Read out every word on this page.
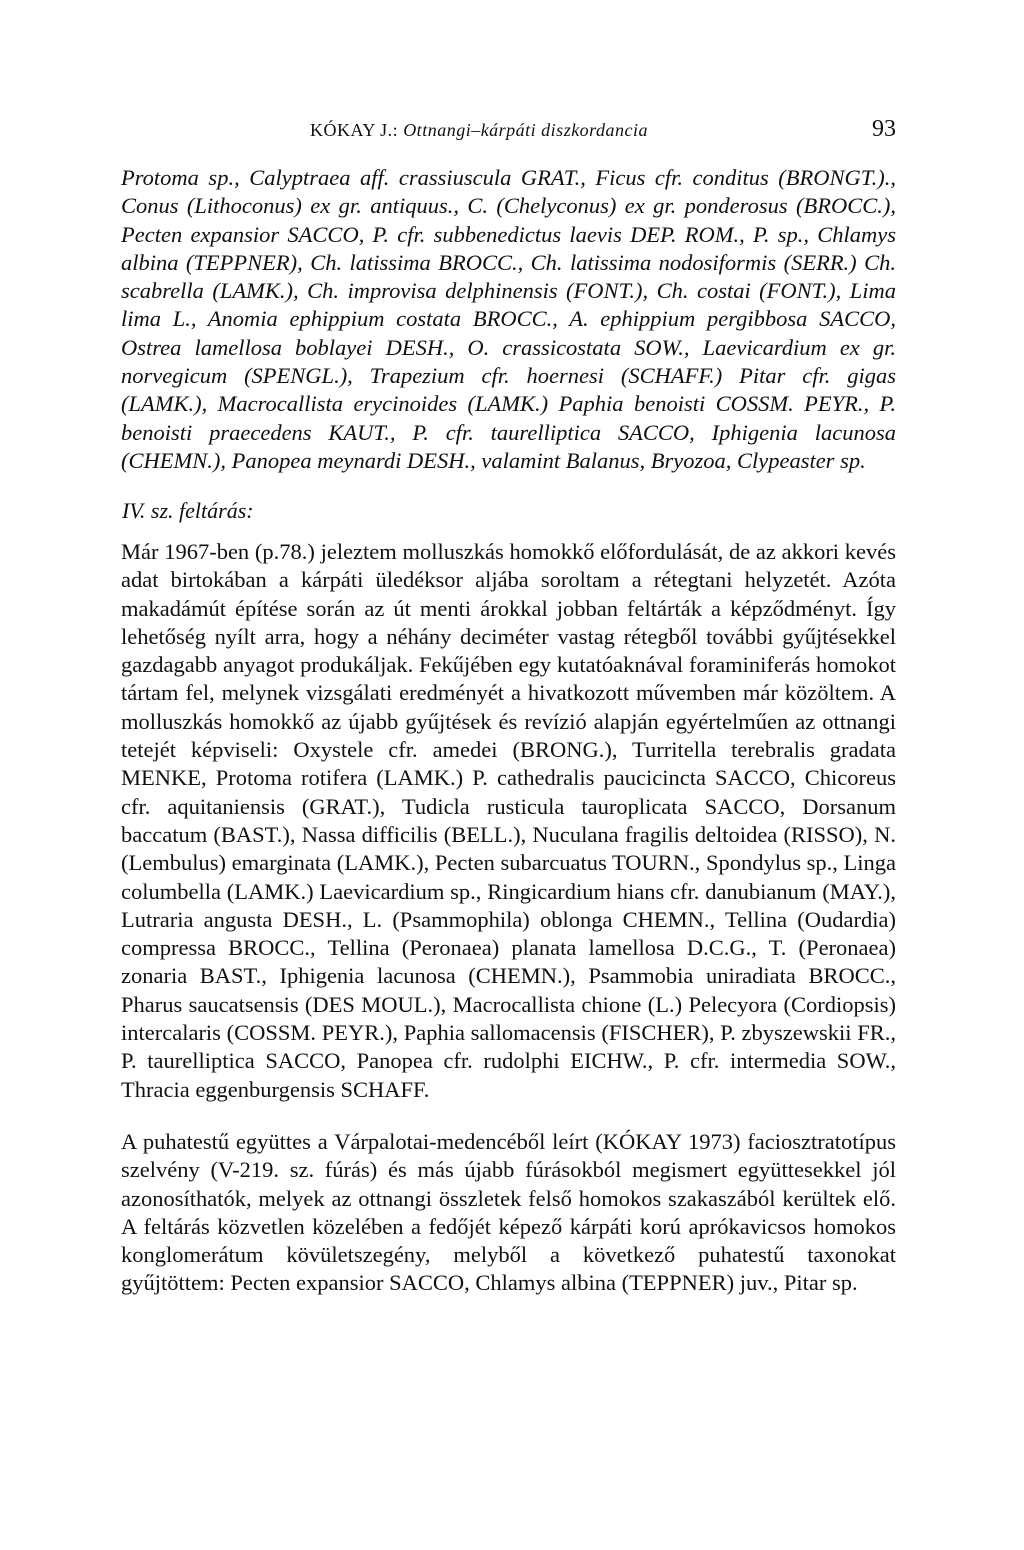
KÓKAY J.: Ottnangi–kárpáti diszkordancia	93

Protoma sp., Calyptraea aff. crassiuscula GRAT., Ficus cfr. conditus (BRONGT.)., Conus (Lithoconus) ex gr. antiquus., C. (Chelyconus) ex gr. ponderosus (BROCC.), Pecten expansior SACCO, P. cfr. subbenedictus laevis DEP. ROM., P. sp., Chlamys albina (TEPPNER), Ch. latissima BROCC., Ch. latissima nodosiformis (SERR.) Ch. scabrella (LAMK.), Ch. improvisa delphinensis (FONT.), Ch. costai (FONT.), Lima lima L., Anomia ephippium costata BROCC., A. ephippium pergibbosa SACCO, Ostrea lamellosa boblayei DESH., O. crassicostata SOW., Laevicardium ex gr. norvegicum (SPENGL.), Trapezium cfr. hoernesi (SCHAFF.) Pitar cfr. gigas (LAMK.), Macrocallista erycinoides (LAMK.) Paphia benoisti COSSM. PEYR., P. benoisti praecedens KAUT., P. cfr. taurelliptica SACCO, Iphigenia lacunosa (CHEMN.), Panopea meynardi DESH., valamint Balanus, Bryozoa, Clypeaster sp.

IV. sz. feltárás:

Már 1967-ben (p.78.) jeleztem molluszkás homokkő előfordulását, de az akkori kevés adat birtokában a kárpáti üledéksor aljába soroltam a rétegtani helyzetét. Azóta makadámút építése során az út menti árokkal jobban feltárták a képződményt. Így lehetőség nyílt arra, hogy a néhány deciméter vastag rétegből további gyűjtésekkel gazdagabb anyagot produkáljak. Fekűjében egy kutatóaknával foraminiferás homokot tártam fel, melynek vizsgálati eredményét a hivatkozott művemben már közöltem. A molluszkás homokkő az újabb gyűjtések és revízió alapján egyértelműen az ottnangi tetejét képviseli: Oxystele cfr. amedei (BRONG.), Turritella terebralis gradata MENKE, Protoma rotifera (LAMK.) P. cathedralis paucicincta SACCO, Chicoreus cfr. aquitaniensis (GRAT.), Tudicla rusticula tauroplicata SACCO, Dorsanum baccatum (BAST.), Nassa difficilis (BELL.), Nuculana fragilis deltoidea (RISSO), N. (Lembulus) emarginata (LAMK.), Pecten subarcuatus TOURN., Spondylus sp., Linga columbella (LAMK.) Laevicardium sp., Ringicardium hians cfr. danubianum (MAY.), Lutraria angusta DESH., L. (Psammophila) oblonga CHEMN., Tellina (Oudardia) compressa BROCC., Tellina (Peronaea) planata lamellosa D.C.G., T. (Peronaea) zonaria BAST., Iphigenia lacunosa (CHEMN.), Psammobia uniradiata BROCC., Pharus saucatsensis (DES MOUL.), Macrocallista chione (L.) Pelecyora (Cordiopsis) intercalaris (COSSM. PEYR.), Paphia sallomacensis (FISCHER), P. zbyszewskii FR., P. taurelliptica SACCO, Panopea cfr. rudolphi EICHW., P. cfr. intermedia SOW., Thracia eggenburgensis SCHAFF.

A puhatestű együttes a Várpalotai-medencéből leírt (KÓKAY 1973) faciosztratotípus szelvény (V-219. sz. fúrás) és más újabb fúrásokból megismert együttesekkel jól azonosíthatók, melyek az ottnangi összletek felső homokos szakaszából kerültek elő. A feltárás közvetlen közelében a fedőjét képező kárpáti korú aprókavicsos homokos konglomerátum kövületszegény, melyből a következő puhatestű taxonokat gyűjtöttem: Pecten expansior SACCO, Chlamys albina (TEPPNER) juv., Pitar sp.
